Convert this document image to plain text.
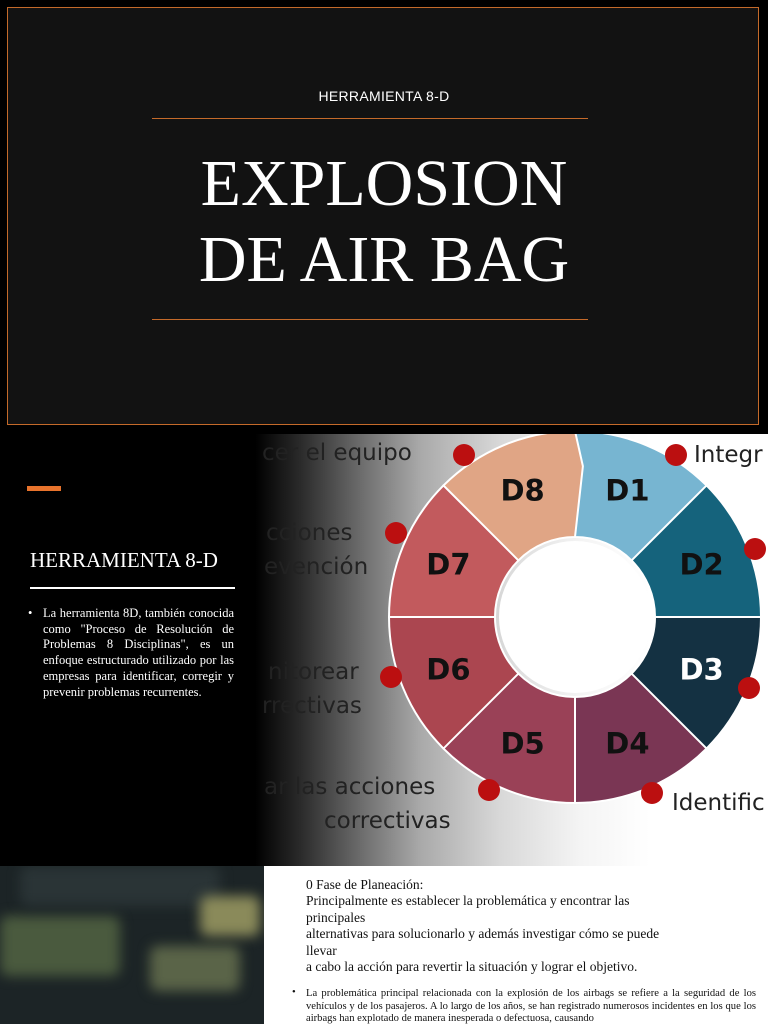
HERRAMIENTA 8-D
EXPLOSION
DE AIR BAG
D1
D2
D3
D4
D5
D6
D7
D8
cer el equipo	Integr
cciones
evención
nitorear
rrectivas
ar las acciones
correctivas
Identific
HERRAMIENTA 8-D
• La herramienta 8D, también conocida como "Proceso de Resolución de Problemas 8 Disciplinas", es un enfoque estructurado utilizado por las empresas para identificar, corregir y prevenir problemas recurrentes.
0 Fase de Planeación:
Principalmente es establecer la problemática y encontrar las
principales
alternativas para solucionarlo y además investigar cómo se puede
llevar
a cabo la acción para revertir la situación y lograr el objetivo.
• La problemática principal relacionada con la explosión de los airbags se refiere a la seguridad de los vehículos y de los pasajeros. A lo largo de los años, se han registrado numerosos incidentes en los que los airbags han explotado de manera inesperada o defectuosa, causando
